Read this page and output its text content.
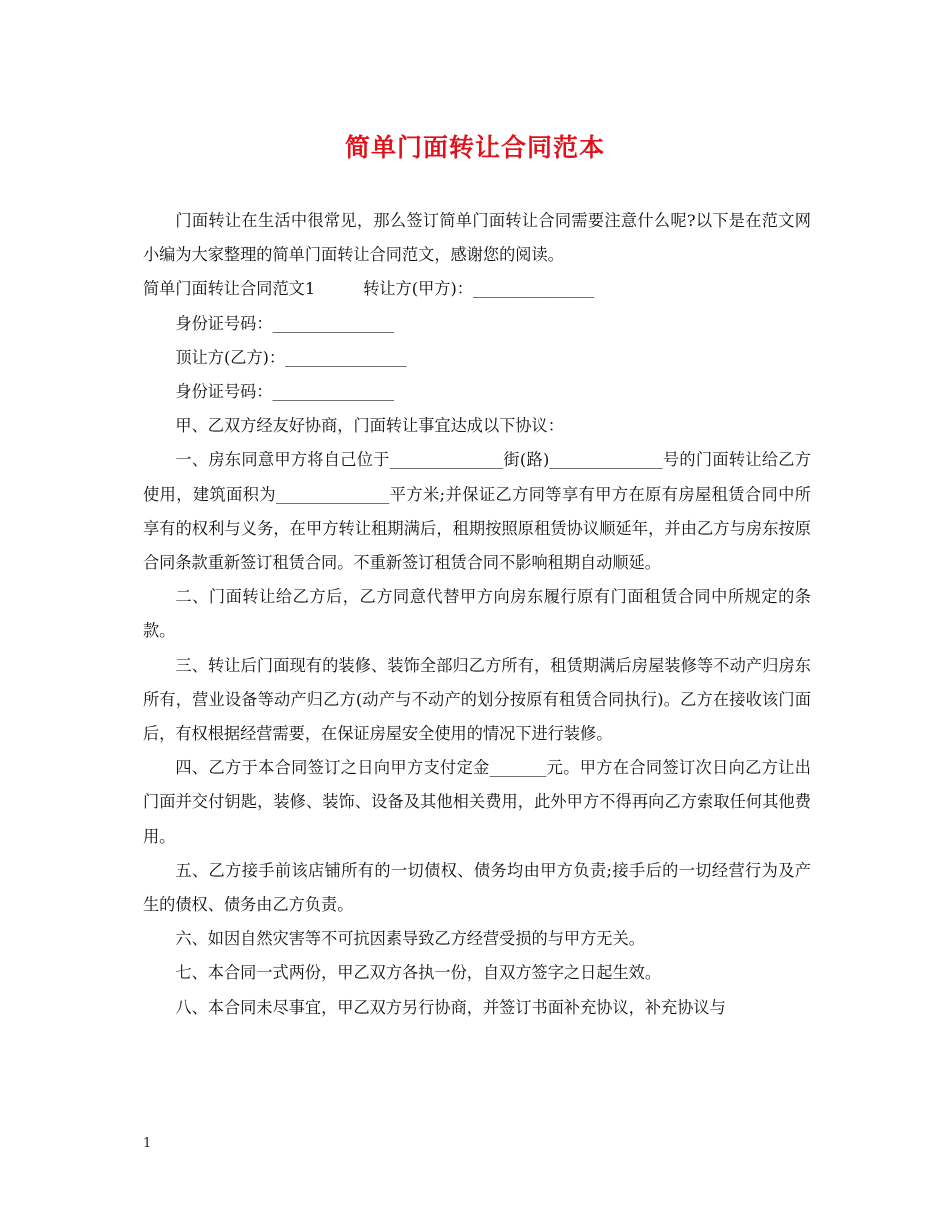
简单门面转让合同范本

门面转让在生活中很常见，那么签订简单门面转让合同需要注意什么呢?以下是在范文网小编为大家整理的简单门面转让合同范文，感谢您的阅读。

简单门面转让合同范文1	转让方(甲方)：_______________

身份证号码：_______________

顶让方(乙方)：_______________

身份证号码：_______________

甲、乙双方经友好协商，门面转让事宜达成以下协议：

一、房东同意甲方将自己位于______________街(路)______________号的门面转让给乙方使用，建筑面积为______________平方米;并保证乙方同等享有甲方在原有房屋租赁合同中所享有的权利与义务，在甲方转让租期满后，租期按照原租赁协议顺延年，并由乙方与房东按原合同条款重新签订租赁合同。不重新签订租赁合同不影响租期自动顺延。

二、门面转让给乙方后，乙方同意代替甲方向房东履行原有门面租赁合同中所规定的条款。

三、转让后门面现有的装修、装饰全部归乙方所有，租赁期满后房屋装修等不动产归房东所有，营业设备等动产归乙方(动产与不动产的划分按原有租赁合同执行)。乙方在接收该门面后，有权根据经营需要，在保证房屋安全使用的情况下进行装修。

四、乙方于本合同签订之日向甲方支付定金_______元。甲方在合同签订次日向乙方让出门面并交付钥匙，装修、装饰、设备及其他相关费用，此外甲方不得再向乙方索取任何其他费用。

五、乙方接手前该店铺所有的一切债权、债务均由甲方负责;接手后的一切经营行为及产生的债权、债务由乙方负责。

六、如因自然灾害等不可抗因素导致乙方经营受损的与甲方无关。

七、本合同一式两份，甲乙双方各执一份，自双方签字之日起生效。

八、本合同未尽事宜，甲乙双方另行协商，并签订书面补充协议，补充协议与

1
